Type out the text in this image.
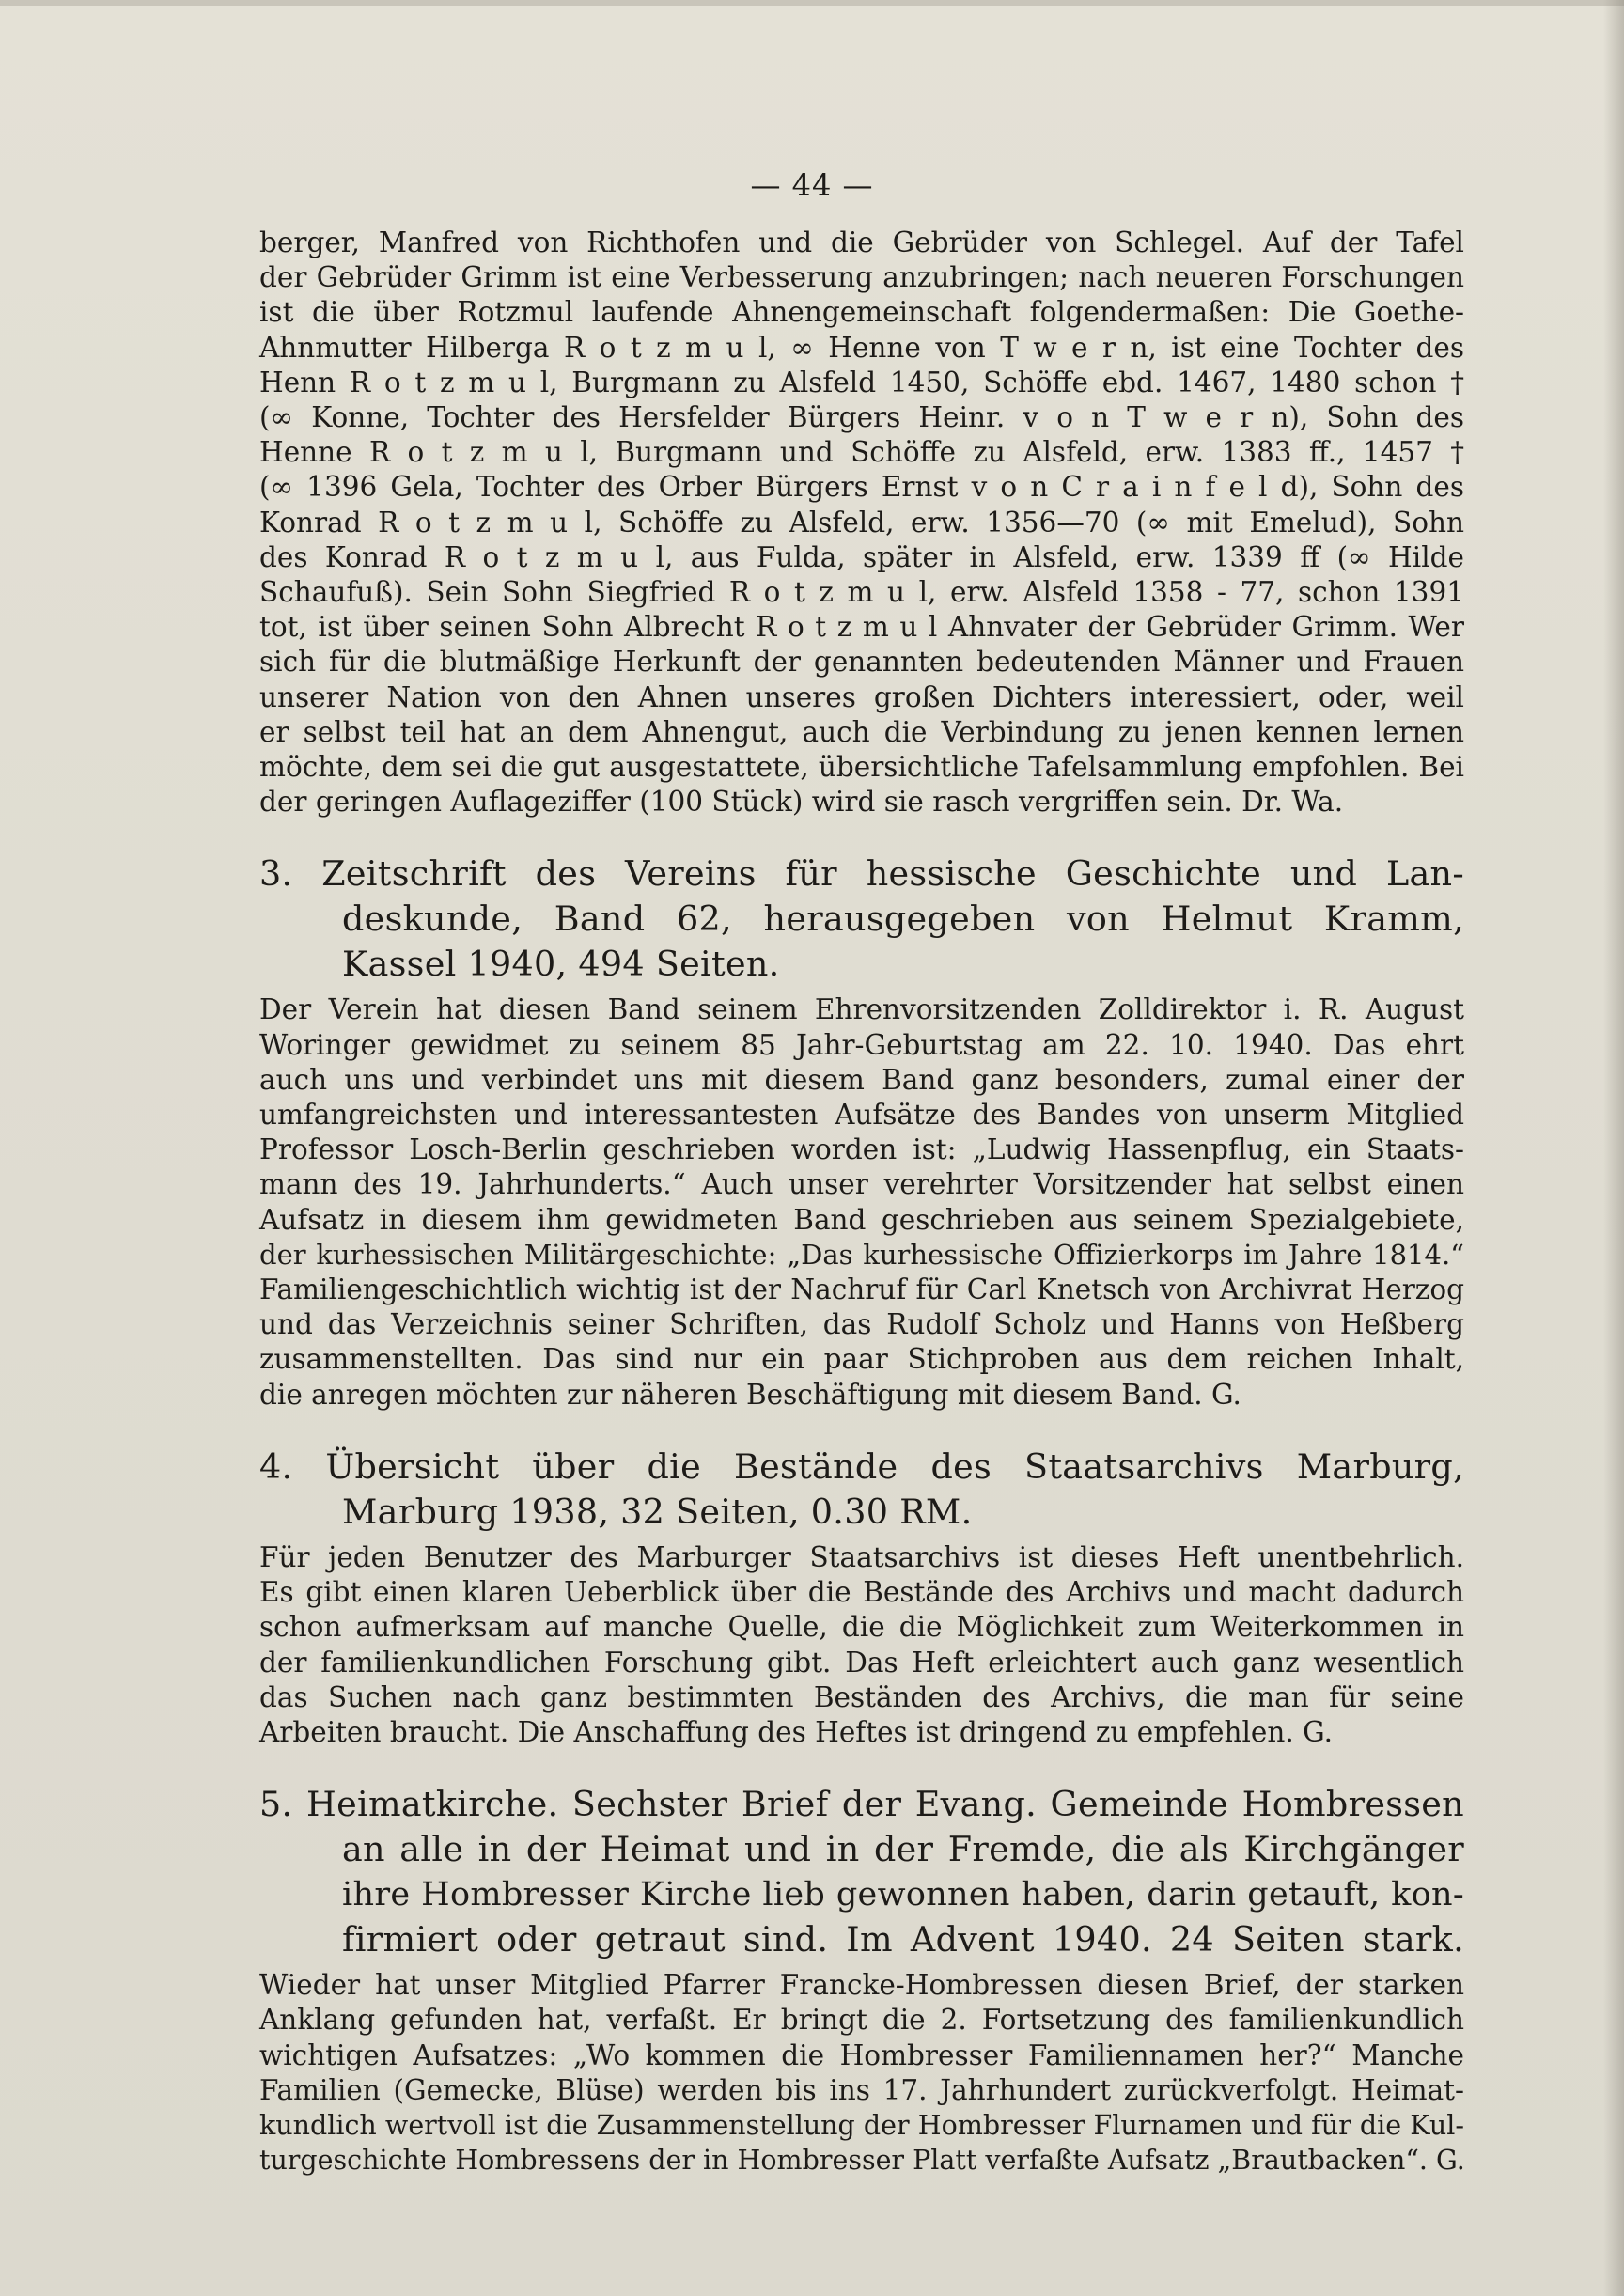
— 44 —

berger, Manfred von Richthofen und die Gebrüder von Schlegel. Auf der Tafel
der Gebrüder Grimm ist eine Verbesserung anzubringen; nach neueren Forschungen
ist die über Rotzmul laufende Ahnengemeinschaft folgendermaßen: Die Goethe-
Ahnmutter Hilberga R o t z m u l, ∞ Henne von T w e r n, ist eine Tochter des
Henn R o t z m u l, Burgmann zu Alsfeld 1450, Schöffe ebd. 1467, 1480 schon †
(∞ Konne, Tochter des Hersfelder Bürgers Heinr. v o n T w e r n), Sohn des
Henne R o t z m u l, Burgmann und Schöffe zu Alsfeld, erw. 1383 ff., 1457 †
(∞ 1396 Gela, Tochter des Orber Bürgers Ernst v o n C r a i n f e l d), Sohn des
Konrad R o t z m u l, Schöffe zu Alsfeld, erw. 1356—70 (∞ mit Emelud), Sohn
des Konrad R o t z m u l, aus Fulda, später in Alsfeld, erw. 1339 ff (∞ Hilde
Schaufuß). Sein Sohn Siegfried R o t z m u l, erw. Alsfeld 1358 - 77, schon 1391
tot, ist über seinen Sohn Albrecht R o t z m u l Ahnvater der Gebrüder Grimm. Wer
sich für die blutmäßige Herkunft der genannten bedeutenden Männer und Frauen
unserer Nation von den Ahnen unseres großen Dichters interessiert, oder, weil
er selbst teil hat an dem Ahnengut, auch die Verbindung zu jenen kennen lernen
möchte, dem sei die gut ausgestattete, übersichtliche Tafelsammlung empfohlen. Bei
der geringen Auflageziffer (100 Stück) wird sie rasch vergriffen sein. Dr. Wa.

3. Zeitschrift des Vereins für hessische Geschichte und Lan-
deskunde, Band 62, herausgegeben von Helmut Kramm,
Kassel 1940, 494 Seiten.

Der Verein hat diesen Band seinem Ehrenvorsitzenden Zolldirektor i. R. August
Woringer gewidmet zu seinem 85 Jahr-Geburtstag am 22. 10. 1940. Das ehrt
auch uns und verbindet uns mit diesem Band ganz besonders, zumal einer der
umfangreichsten und interessantesten Aufsätze des Bandes von unserm Mitglied
Professor Losch-Berlin geschrieben worden ist: „Ludwig Hassenpflug, ein Staats-
mann des 19. Jahrhunderts.“ Auch unser verehrter Vorsitzender hat selbst einen
Aufsatz in diesem ihm gewidmeten Band geschrieben aus seinem Spezialgebiete,
der kurhessischen Militärgeschichte: „Das kurhessische Offizierkorps im Jahre 1814.“
Familiengeschichtlich wichtig ist der Nachruf für Carl Knetsch von Archivrat Herzog
und das Verzeichnis seiner Schriften, das Rudolf Scholz und Hanns von Heßberg
zusammenstellten. Das sind nur ein paar Stichproben aus dem reichen Inhalt,
die anregen möchten zur näheren Beschäftigung mit diesem Band. G.

4. Übersicht über die Bestände des Staatsarchivs Marburg,
Marburg 1938, 32 Seiten, 0.30 RM.

Für jeden Benutzer des Marburger Staatsarchivs ist dieses Heft unentbehrlich.
Es gibt einen klaren Ueberblick über die Bestände des Archivs und macht dadurch
schon aufmerksam auf manche Quelle, die die Möglichkeit zum Weiterkommen in
der familienkundlichen Forschung gibt. Das Heft erleichtert auch ganz wesentlich
das Suchen nach ganz bestimmten Beständen des Archivs, die man für seine
Arbeiten braucht. Die Anschaffung des Heftes ist dringend zu empfehlen. G.

5. Heimatkirche. Sechster Brief der Evang. Gemeinde Hombressen
an alle in der Heimat und in der Fremde, die als Kirchgänger
ihre Hombresser Kirche lieb gewonnen haben, darin getauft, kon-
firmiert oder getraut sind. Im Advent 1940. 24 Seiten stark.

Wieder hat unser Mitglied Pfarrer Francke-Hombressen diesen Brief, der starken
Anklang gefunden hat, verfaßt. Er bringt die 2. Fortsetzung des familienkundlich
wichtigen Aufsatzes: „Wo kommen die Hombresser Familiennamen her?“ Manche
Familien (Gemecke, Blüse) werden bis ins 17. Jahrhundert zurückverfolgt. Heimat-
kundlich wertvoll ist die Zusammenstellung der Hombresser Flurnamen und für die Kul-
turgeschichte Hombressens der in Hombresser Platt verfaßte Aufsatz „Brautbacken“. G.
